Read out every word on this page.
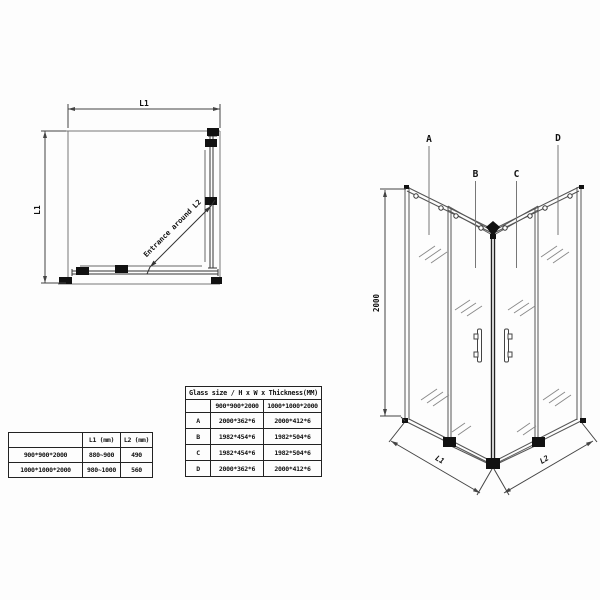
L1
L1	Entrance around L2
A
B	C
D
2000
L1	L2
	L1 (mm)	L2 (mm)
900*900*2000	880~900	490
1000*1000*2000	980~1000	560
Glass size / H x W x Thickness(MM)		
	900*900*2000	1000*1000*2000
A	2000*362*6	2000*412*6
B	1982*454*6	1982*504*6
C	1982*454*6	1982*504*6
D	2000*362*6	2000*412*6
